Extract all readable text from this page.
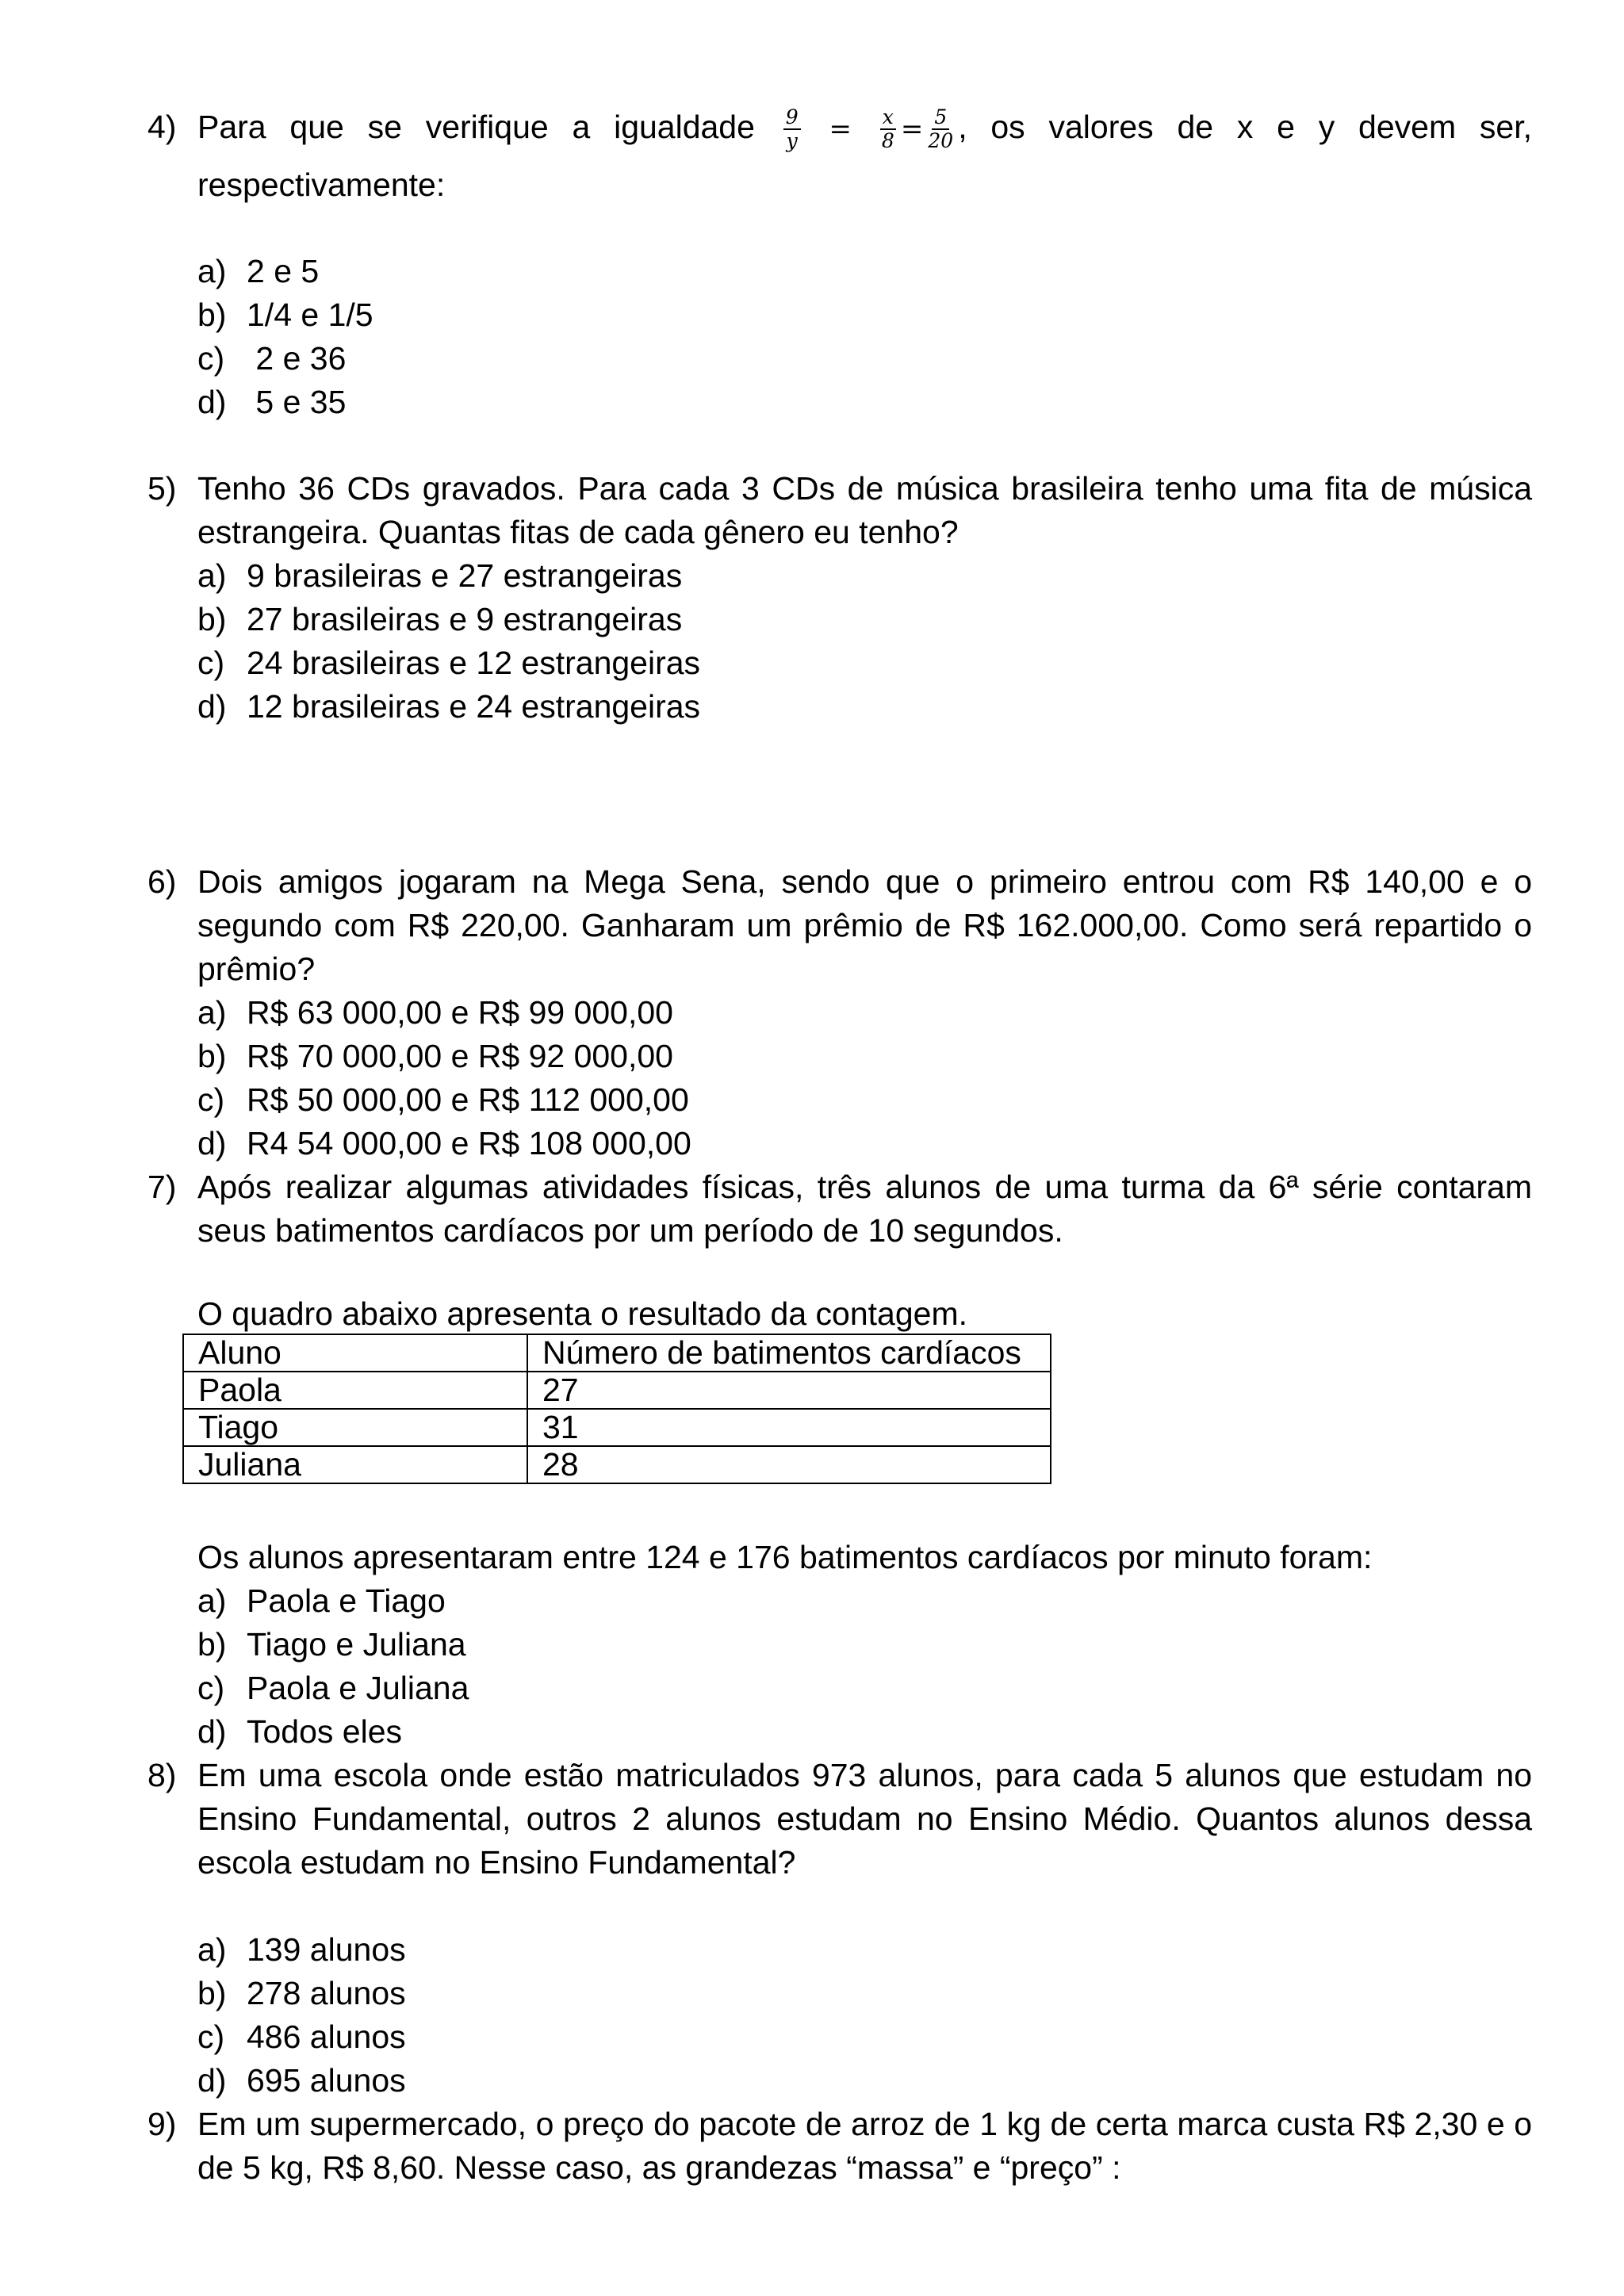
4) Para que se verifique a igualdade $\frac{9}{y} = \frac{x}{8} = \frac{5}{20}$ , os valores de x e y devem ser,
respectivamente:
a) 2 e 5
b) 1/4 e 1/5
c) 2 e 36
d) 5 e 35
5) Tenho 36 CDs gravados. Para cada 3 CDs de música brasileira tenho uma fita de música estrangeira. Quantas fitas de cada gênero eu tenho?
a) 9 brasileiras e 27 estrangeiras
b) 27 brasileiras e 9 estrangeiras
c) 24 brasileiras e 12 estrangeiras
d) 12 brasileiras e 24 estrangeiras
6) Dois amigos jogaram na Mega Sena, sendo que o primeiro entrou com R$ 140,00 e o segundo com R$ 220,00. Ganharam um prêmio de R$ 162.000,00. Como será repartido o prêmio?
a) R$ 63 000,00 e R$ 99 000,00
b) R$ 70 000,00 e R$ 92 000,00
c) R$ 50 000,00 e R$ 112 000,00
d) R4 54 000,00 e R$ 108 000,00
7) Após realizar algumas atividades físicas, três alunos de uma turma da 6ª série contaram seus batimentos cardíacos por um período de 10 segundos.
O quadro abaixo apresenta o resultado da contagem.
Aluno	Número de batimentos cardíacos
Paola	27
Tiago	31
Juliana	28
Os alunos apresentaram entre 124 e 176 batimentos cardíacos por minuto foram:
a) Paola e Tiago
b) Tiago e Juliana
c) Paola e Juliana
d) Todos eles
8) Em uma escola onde estão matriculados 973 alunos, para cada 5 alunos que estudam no Ensino Fundamental, outros 2 alunos estudam no Ensino Médio. Quantos alunos dessa escola estudam no Ensino Fundamental?
a) 139 alunos
b) 278 alunos
c) 486 alunos
d) 695 alunos
9) Em um supermercado, o preço do pacote de arroz de 1 kg de certa marca custa R$ 2,30 e o de 5 kg, R$ 8,60. Nesse caso, as grandezas “massa” e “preço” :
